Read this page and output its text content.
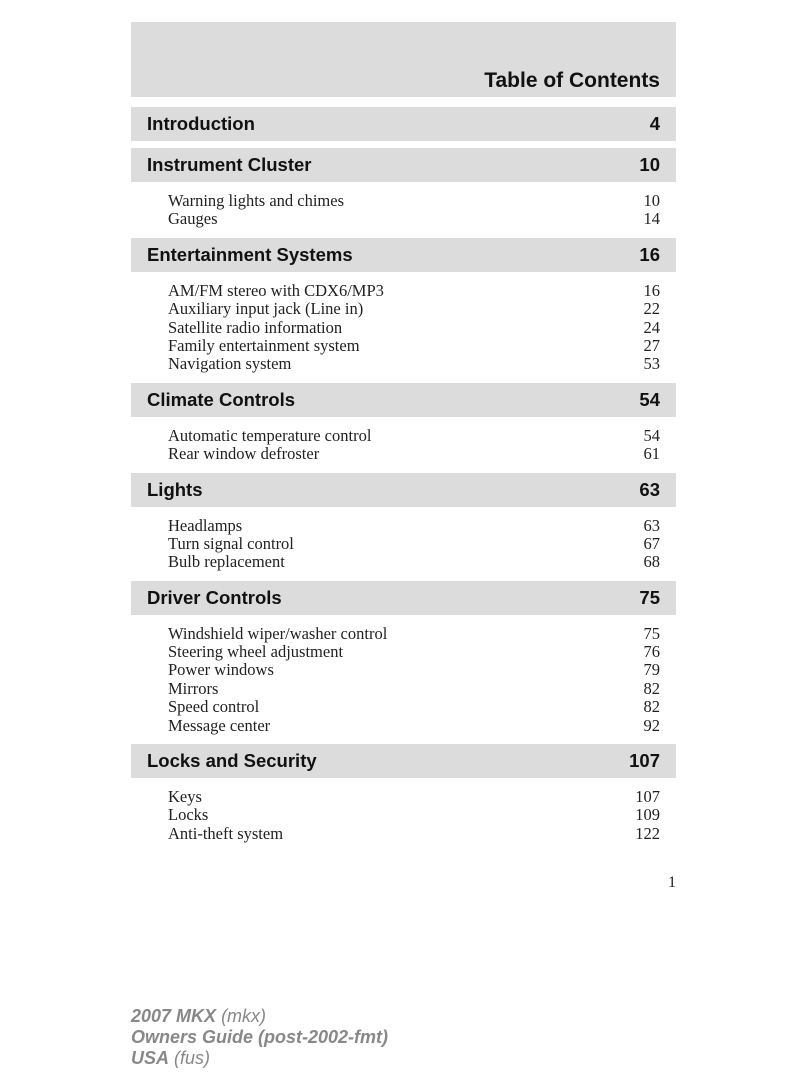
Table of Contents
Introduction	4
Instrument Cluster	10
Warning lights and chimes	10
Gauges	14
Entertainment Systems	16
AM/FM stereo with CDX6/MP3	16
Auxiliary input jack (Line in)	22
Satellite radio information	24
Family entertainment system	27
Navigation system	53
Climate Controls	54
Automatic temperature control	54
Rear window defroster	61
Lights	63
Headlamps	63
Turn signal control	67
Bulb replacement	68
Driver Controls	75
Windshield wiper/washer control	75
Steering wheel adjustment	76
Power windows	79
Mirrors	82
Speed control	82
Message center	92
Locks and Security	107
Keys	107
Locks	109
Anti-theft system	122
1
2007 MKX (mkx)
Owners Guide (post-2002-fmt)
USA (fus)
